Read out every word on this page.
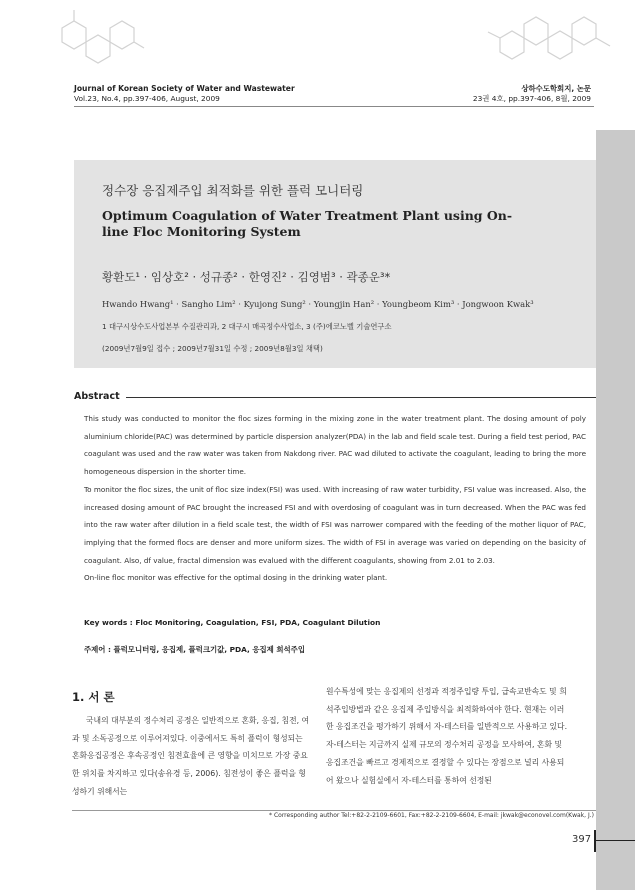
Journal of Korean Society of Water and Wastewater
Vol.23, No.4, pp.397-406, August, 2009
상하수도학회지, 논문
23권 4호, pp.397-406, 8월, 2009
정수장 응집제주입 최적화를 위한 플럭 모니터링
Optimum Coagulation of Water Treatment Plant using On-line Floc Monitoring System
황환도¹ · 임상호² · 성규종² · 한영진² · 김영범³ · 곽종운³*
Hwando Hwang¹ · Sangho Lim² · Kyujong Sung² · Youngjin Han² · Youngbeom Kim³ · Jongwoon Kwak³
1 대구시상수도사업본부 수질관리과, 2 대구시 매곡정수사업소, 3 (주)에코노벨 기술연구소
(2009년7월9일 접수 ; 2009년7월31일 수정 ; 2009년8월3일 채택)
Abstract

This study was conducted to monitor the floc sizes forming in the mixing zone in the water treatment plant. The dosing amount of poly aluminium chloride(PAC) was determined by particle dispersion analyzer(PDA) in the lab and field scale test. During a field test period, PAC coagulant was used and the raw water was taken from Nakdong river. PAC wad diluted to activate the coagulant, leading to bring the more homogeneous dispersion in the shorter time.

To monitor the floc sizes, the unit of floc size index(FSI) was used. With increasing of raw water turbidity, FSI value was increased. Also, the increased dosing amount of PAC brought the increased FSI and with overdosing of coagulant was in turn decreased. When the PAC was fed into the raw water after dilution in a field scale test, the width of FSI was narrower compared with the feeding of the mother liquor of PAC, implying that the formed flocs are denser and more uniform sizes. The width of FSI in average was varied on depending on the basicity of coagulant. Also, df value, fractal dimension was evalued with the different coagulants, showing from 2.01 to 2.03.

On-line floc monitor was effective for the optimal dosing in the drinking water plant.

Key words : Floc Monitoring, Coagulation, FSI, PDA, Coagulant Dilution
주제어 : 플럭모니터링, 응집제, 플럭크기값, PDA, 응집제 희석주입
1. 서 론

국내의 대부분의 정수처리 공정은 일반적으로 혼화, 응집, 침전, 여과 및 소독공정으로 이루어져있다. 이중에서도 특히 플럭이 형성되는 혼화응집공정은 후속공정인 침전효율에 큰 영향을 미치므로 가장 중요한 위치를 차지하고 있다(송유경 등, 2006). 침전성이 좋은 플럭을 형성하기 위해서는

원수특성에 맞는 응집제의 선정과 적정주입량 투입, 급속교반속도 및 희석주입방법과 같은 응집제 주입방식을 최적화하여야 한다. 현재는 이러한 응집조건을 평가하기 위해서 자-테스터를 일반적으로 사용하고 있다. 자-테스터는 지금까지 실제 규모의 정수처리 공정을 모사하여, 혼화 및 응집조건을 빠르고 경제적으로 결정할 수 있다는 장점으로 널리 사용되어 왔으나 실험실에서 자-테스터를 통하여 선정된

* Corresponding author Tel:+82-2-2109-6601, Fax:+82-2-2109-6604, E-mail: jkwak@econovel.com(Kwak, J.)
397
